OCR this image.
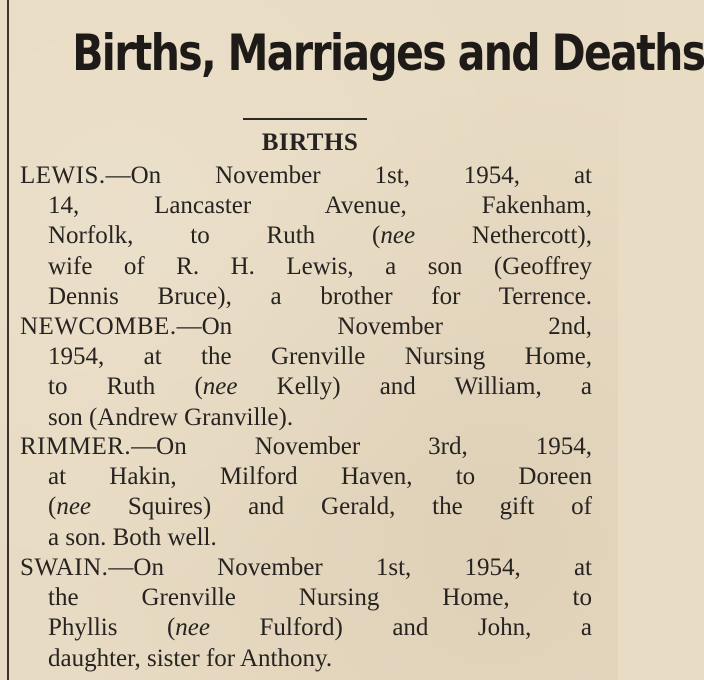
Births, Marriages and Deaths
BIRTHS
LEWIS.—On November 1st, 1954, at
14, Lancaster Avenue, Fakenham,
Norfolk, to Ruth (nee Nethercott),
wife of R. H. Lewis, a son (Geoffrey
Dennis Bruce), a brother for Terrence.
NEWCOMBE.—On November 2nd,
1954, at the Grenville Nursing Home,
to Ruth (nee Kelly) and William, a
son (Andrew Granville).
RIMMER.—On November 3rd, 1954,
at Hakin, Milford Haven, to Doreen
(nee Squires) and Gerald, the gift of
a son. Both well.
SWAIN.—On November 1st, 1954, at
the Grenville Nursing Home, to
Phyllis (nee Fulford) and John, a
daughter, sister for Anthony.
